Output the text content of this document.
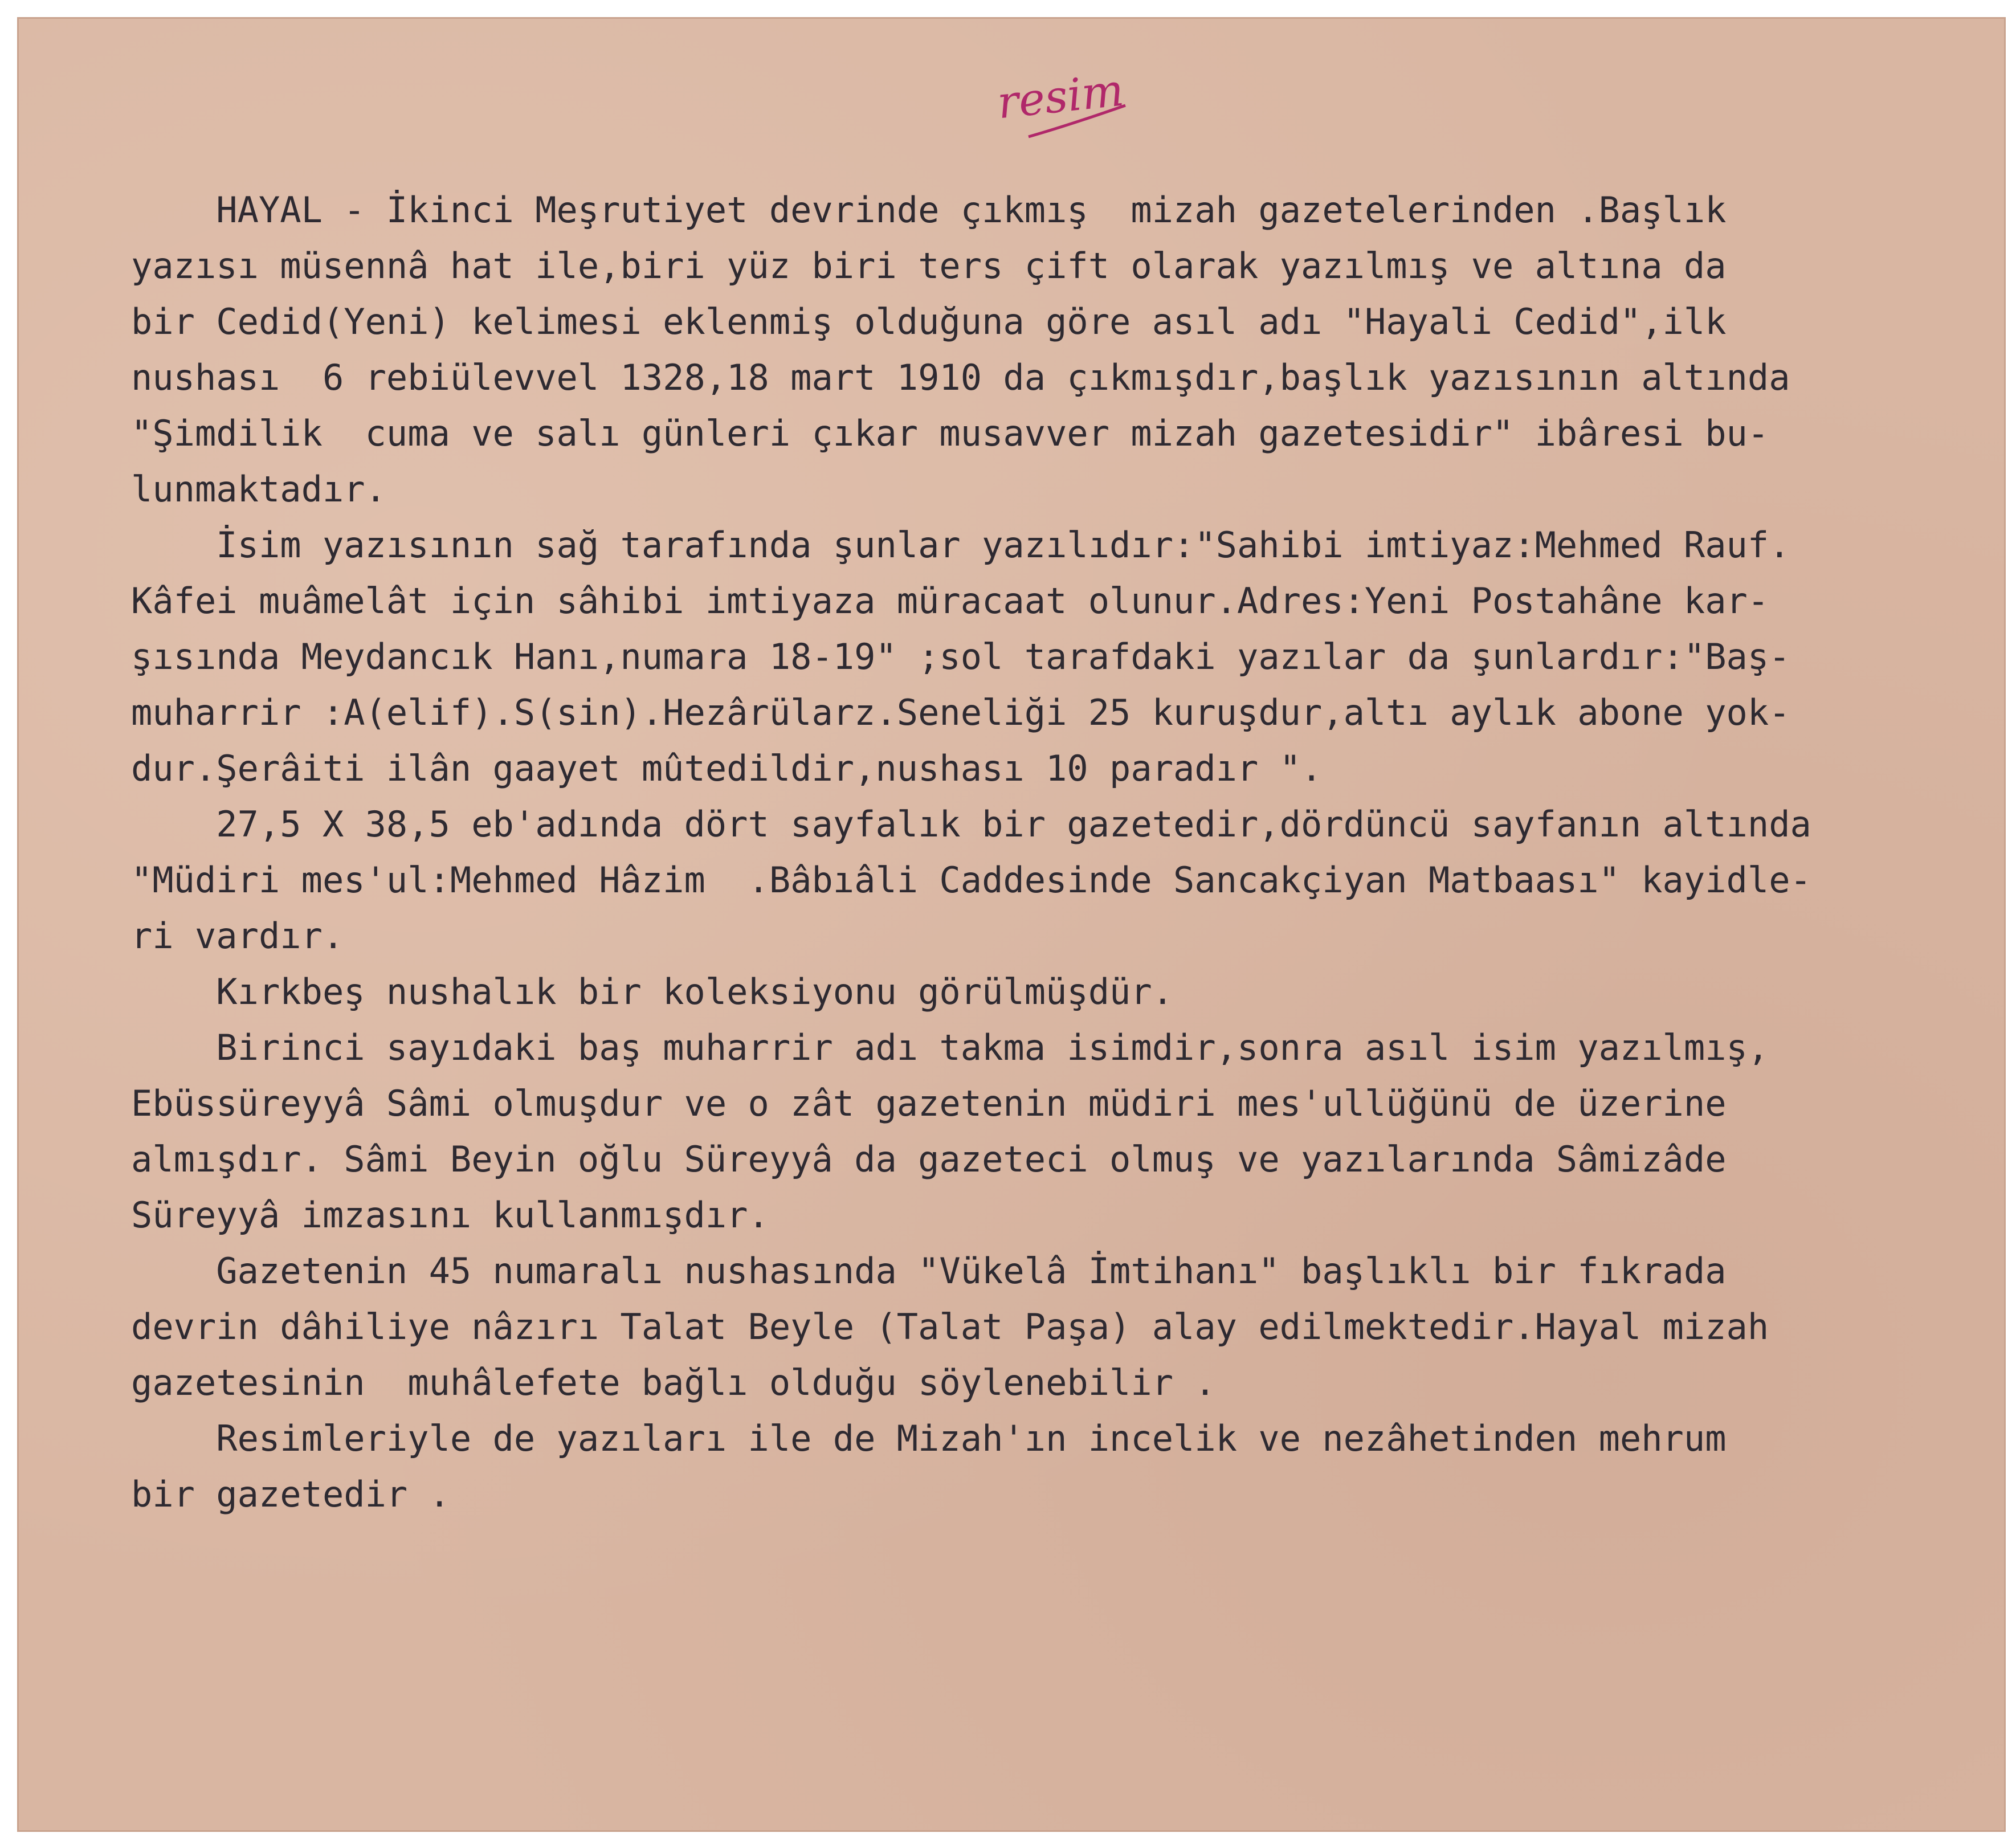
resim
HAYAL - İkinci Meşrutiyet devrinde çıkmış  mizah gazetelerinden .Başlık
yazısı müsennâ hat ile,biri yüz biri ters çift olarak yazılmış ve altına da
bir Cedid(Yeni) kelimesi eklenmiş olduğuna göre asıl adı "Hayali Cedid",ilk
nushası  6 rebiülevvel 1328,18 mart 1910 da çıkmışdır,başlık yazısının altında
"Şimdilik  cuma ve salı günleri çıkar musavver mizah gazetesidir" ibâresi bu-
lunmaktadır.
İsim yazısının sağ tarafında şunlar yazılıdır:"Sahibi imtiyaz:Mehmed Rauf.
Kâfei muâmelât için sâhibi imtiyaza müracaat olunur.Adres:Yeni Postahâne kar-
şısında Meydancık Hanı,numara 18-19" ;sol tarafdaki yazılar da şunlardır:"Baş-
muharrir :A(elif).S(sin).Hezârülarz.Seneliği 25 kuruşdur,altı aylık abone yok-
dur.Şerâiti ilân gaayet mûtedildir,nushası 10 paradır ".
27,5 X 38,5 eb'adında dört sayfalık bir gazetedir,dördüncü sayfanın altında
"Müdiri mes'ul:Mehmed Hâzim  .Bâbıâli Caddesinde Sancakçiyan Matbaası" kayidle-
ri vardır.
Kırkbeş nushalık bir koleksiyonu görülmüşdür.
Birinci sayıdaki baş muharrir adı takma isimdir,sonra asıl isim yazılmış,
Ebüssüreyyâ Sâmi olmuşdur ve o zât gazetenin müdiri mes'ullüğünü de üzerine
almışdır. Sâmi Beyin oğlu Süreyyâ da gazeteci olmuş ve yazılarında Sâmizâde
Süreyyâ imzasını kullanmışdır.
Gazetenin 45 numaralı nushasında "Vükelâ İmtihanı" başlıklı bir fıkrada
devrin dâhiliye nâzırı Talat Beyle (Talat Paşa) alay edilmektedir.Hayal mizah
gazetesinin  muhâlefete bağlı olduğu söylenebilir .
Resimleriyle de yazıları ile de Mizah'ın incelik ve nezâhetinden mehrum
bir gazetedir .
